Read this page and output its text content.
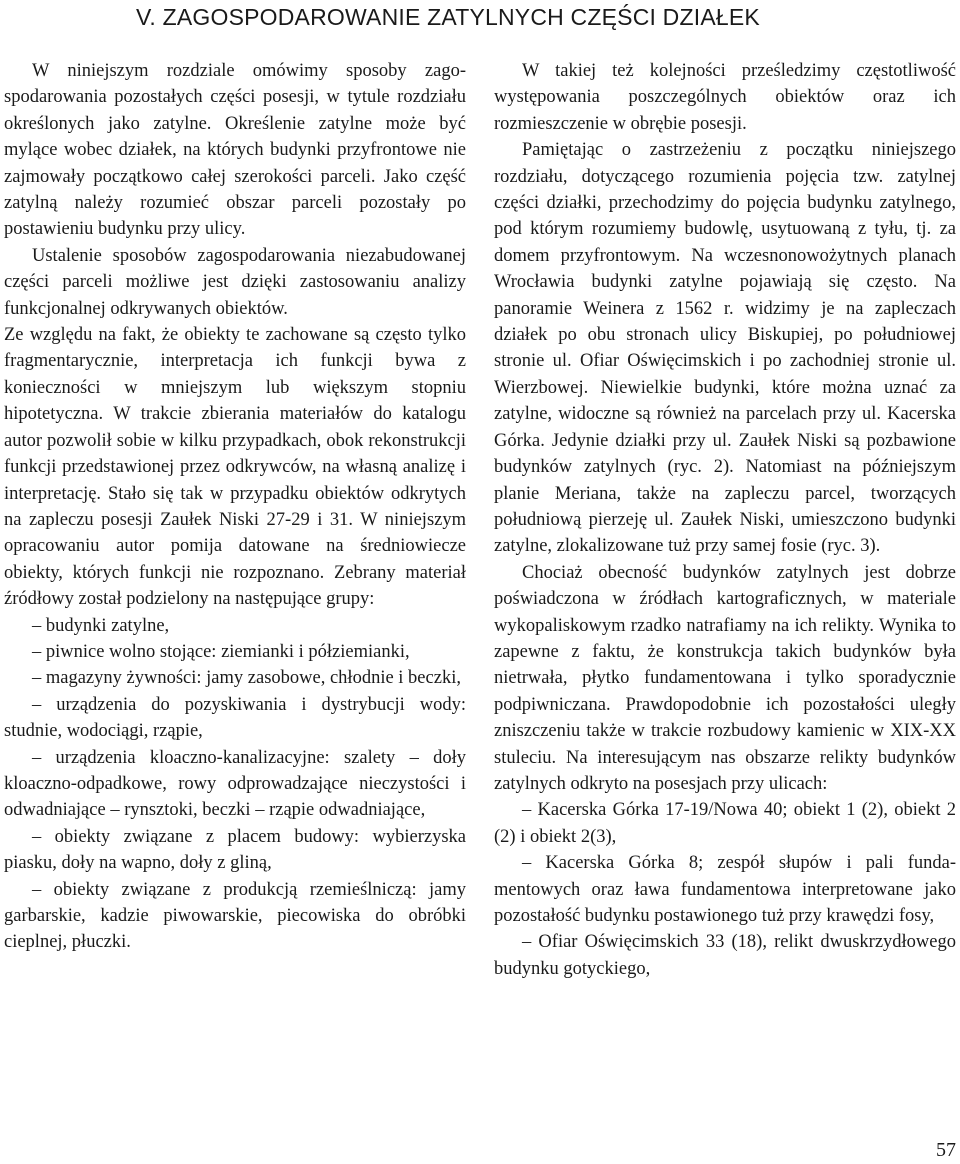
V. ZAGOSPODAROWANIE ZATYLNYCH CZĘŚCI DZIAŁEK

W niniejszym rozdziale omówimy sposoby zagospodarowania pozostałych części posesji, w tytule rozdziału określonych jako zatylne. Określenie zatylne może być mylące wobec działek, na których budynki przyfrontowe nie zajmowały początkowo całej szerokości parceli. Jako część zatylną należy rozumieć obszar parceli pozostały po postawieniu budynku przy ulicy.

Ustalenie sposobów zagospodarowania niezabudowanej części parceli możliwe jest dzięki zastosowaniu analizy funkcjonalnej odkrywanych obiektów.

Ze względu na fakt, że obiekty te zachowane są często tylko fragmentarycznie, interpretacja ich funkcji bywa z konieczności w mniejszym lub większym stopniu hipotetyczna. W trakcie zbierania materiałów do katalogu autor pozwolił sobie w kilku przypadkach, obok rekonstrukcji funkcji przedstawionej przez odkrywców, na własną analizę i interpretację. Stało się tak w przypadku obiektów odkrytych na zapleczu posesji Zaułek Niski 27-29 i 31. W niniejszym opracowaniu autor pomija datowane na średniowiecze obiekty, których funkcji nie rozpoznano. Zebrany materiał źródłowy został podzielony na następujące grupy:

– budynki zatylne,

– piwnice wolno stojące: ziemianki i półziemianki,

– magazyny żywności: jamy zasobowe, chłodnie i beczki,

– urządzenia do pozyskiwania i dystrybucji wody: studnie, wodociągi, rząpie,

– urządzenia kloaczno-kanalizacyjne: szalety – doły kloaczno-odpadkowe, rowy odprowadzające nieczystości i odwadniające – rynsztoki, beczki – rząpie odwadniające,

– obiekty związane z placem budowy: wybierzyska piasku, doły na wapno, doły z gliną,

– obiekty związane z produkcją rzemieślniczą: jamy garbarskie, kadzie piwowarskie, piecowiska do obróbki cieplnej, płuczki.

W takiej też kolejności prześledzimy częstotliwość występowania poszczególnych obiektów oraz ich rozmieszczenie w obrębie posesji.

Pamiętając o zastrzeżeniu z początku niniejszego rozdziału, dotyczącego rozumienia pojęcia tzw. zatylnej części działki, przechodzimy do pojęcia budynku zatylnego, pod którym rozumiemy budowlę, usytuowaną z tyłu, tj. za domem przyfrontowym. Na wczesnonowożytnych planach Wrocławia budynki zatylne pojawiają się często. Na panoramie Weinera z 1562 r. widzimy je na zapleczach działek po obu stronach ulicy Biskupiej, po południowej stronie ul. Ofiar Oświęcimskich i po zachodniej stronie ul. Wierzbowej. Niewielkie budynki, które można uznać za zatylne, widoczne są również na parcelach przy ul. Kacerska Górka. Jedynie działki przy ul. Zaułek Niski są pozbawione budynków zatylnych (ryc. 2). Natomiast na późniejszym planie Meriana, także na zapleczu parcel, tworzących południową pierzeję ul. Zaułek Niski, umieszczono budynki zatylne, zlokalizowane tuż przy samej fosie (ryc. 3).

Chociaż obecność budynków zatylnych jest dobrze poświadczona w źródłach kartograficznych, w materiale wykopaliskowym rzadko natrafiamy na ich relikty. Wynika to zapewne z faktu, że konstrukcja takich budynków była nietrwała, płytko fundamentowana i tylko sporadycznie podpiwniczana. Prawdopodobnie ich pozostałości uległy zniszczeniu także w trakcie rozbudowy kamienic w XIX-XX stuleciu. Na interesującym nas obszarze relikty budynków zatylnych odkryto na posesjach przy ulicach:

– Kacerska Górka 17-19/Nowa 40; obiekt 1 (2), obiekt 2 (2) i obiekt 2(3),

– Kacerska Górka 8; zespół słupów i pali fundamentowych oraz ława fundamentowa interpretowane jako pozostałość budynku postawionego tuż przy krawędzi fosy,

– Ofiar Oświęcimskich 33 (18), relikt dwuskrzydłowego budynku gotyckiego,

57
